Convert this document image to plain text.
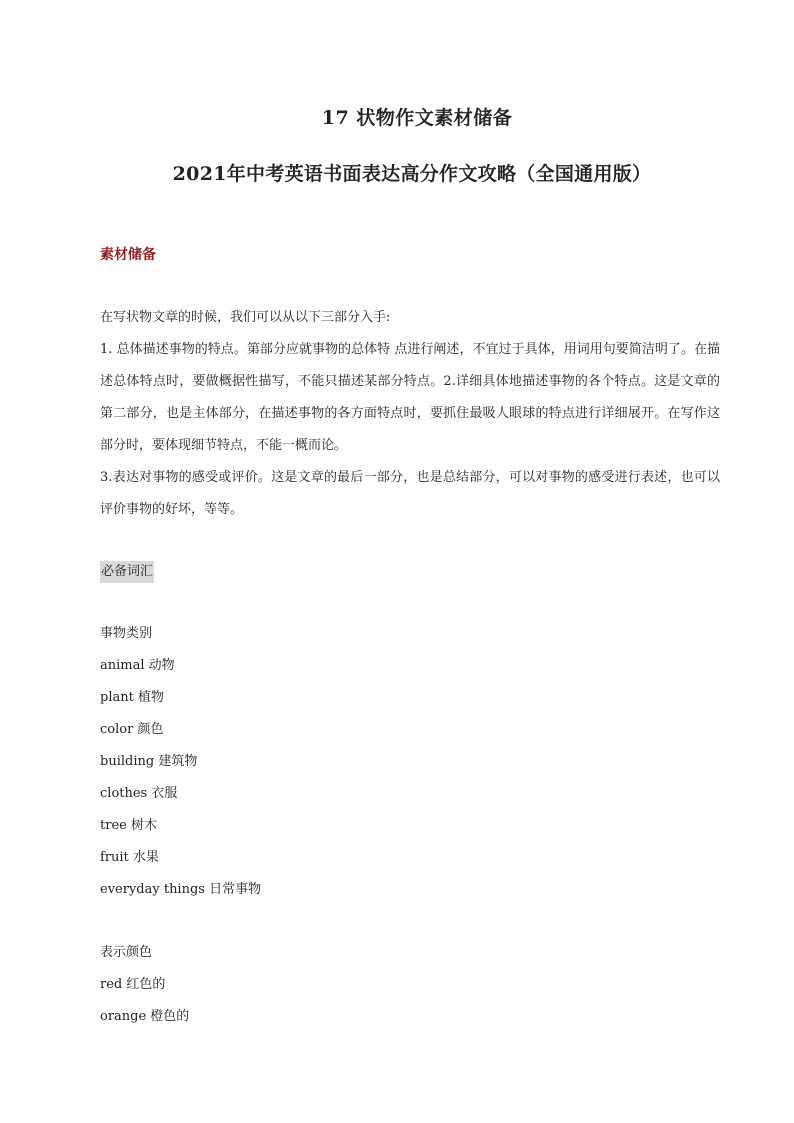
17 状物作文素材储备
2021年中考英语书面表达高分作文攻略（全国通用版）
素材储备
在写状物文章的时候，我们可以从以下三部分入手:
1. 总体描述事物的特点。第部分应就事物的总体特 点进行阐述，不宜过于具体，用词用句要简洁明了。在描述总体特点时，要做概据性描写，不能只描述某部分特点。2.详细具体地描述事物的各个特点。这是文章的第二部分，也是主体部分，在描述事物的各方面特点时，要抓住最吸人眼球的特点进行详细展开。在写作这部分时，要体现细节特点，不能一概而论。
3.表达对事物的感受或评价。这是文章的最后一部分，也是总结部分，可以对事物的感受进行表述，也可以评价事物的好坏，等等。
必备词汇
事物类别
animal 动物
plant 植物
color 颜色
building 建筑物
clothes 衣服
tree 树木
fruit 水果
everyday things 日常事物
表示颜色
red 红色的
orange 橙色的
